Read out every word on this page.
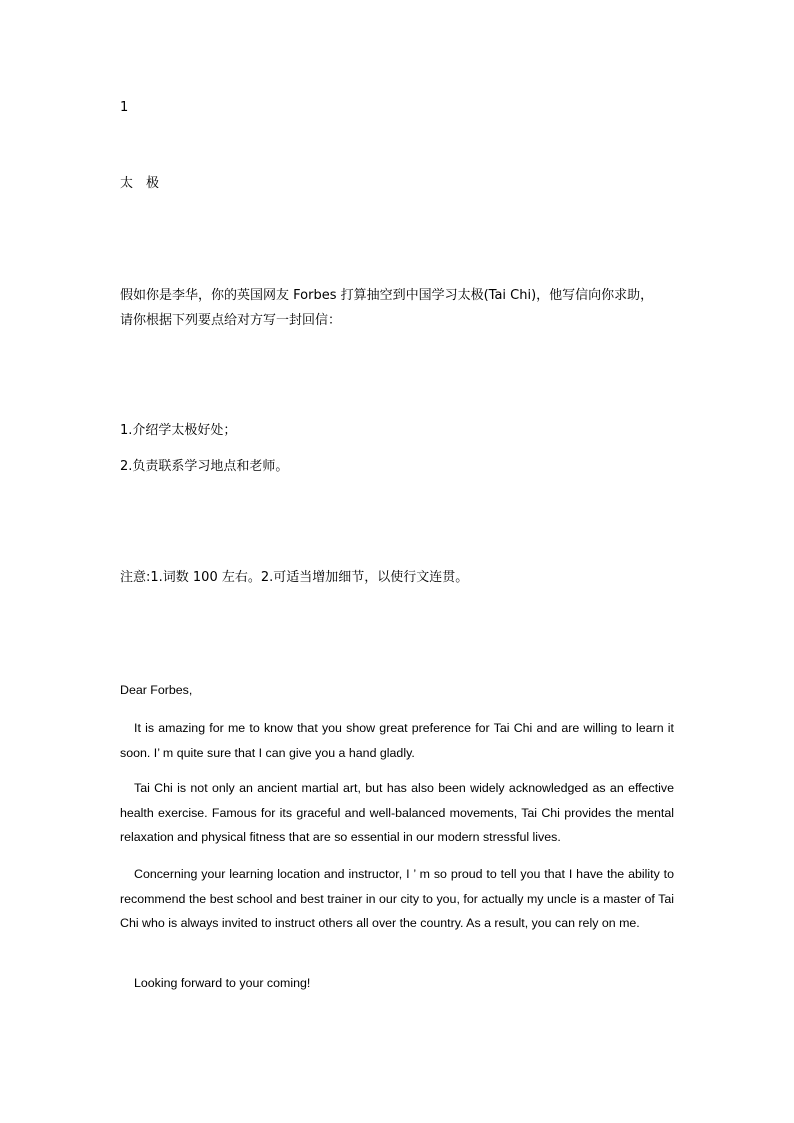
1
太　极
假如你是李华，你的英国网友 Forbes 打算抽空到中国学习太极(Tai Chi)，他写信向你求助，
请你根据下列要点给对方写一封回信：
1.介绍学太极好处；
2.负责联系学习地点和老师。
注意:1.词数 100 左右。2.可适当增加细节，以使行文连贯。
Dear Forbes,
It is amazing for me to know that you show great preference for Tai Chi and are willing to learn it soon. I’ m quite sure that I can give you a hand gladly.
Tai Chi is not only an ancient martial art, but has also been widely acknowledged as an effective health exercise. Famous for its graceful and well-balanced movements, Tai Chi provides the mental relaxation and physical fitness that are so essential in our modern stressful lives.
Concerning your learning location and instructor, I ’ m so proud to tell you that I have the ability to recommend the best school and best trainer in our city to you, for actually my uncle is a master of Tai Chi who is always invited to instruct others all over the country. As a result, you can rely on me.
Looking forward to your coming!
